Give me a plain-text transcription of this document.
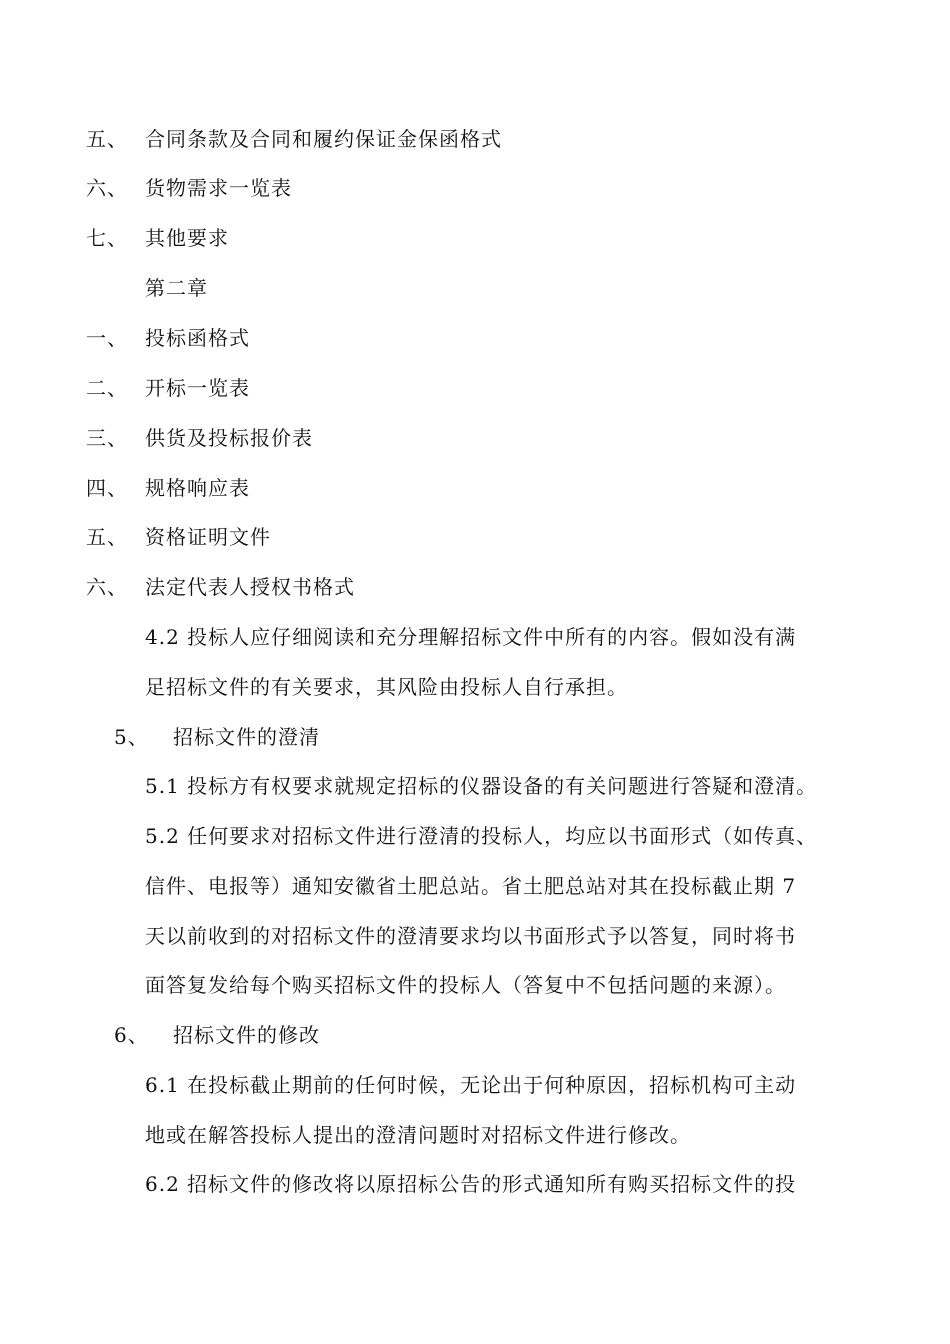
五、 合同条款及合同和履约保证金保函格式
六、 货物需求一览表
七、 其他要求
第二章
一、 投标函格式
二、 开标一览表
三、 供货及投标报价表
四、 规格响应表
五、 资格证明文件
六、 法定代表人授权书格式
4.2 投标人应仔细阅读和充分理解招标文件中所有的内容。假如没有满
足招标文件的有关要求，其风险由投标人自行承担。
5、 招标文件的澄清
5.1 投标方有权要求就规定招标的仪器设备的有关问题进行答疑和澄清。
5.2 任何要求对招标文件进行澄清的投标人，均应以书面形式（如传真、
信件、电报等）通知安徽省土肥总站。省土肥总站对其在投标截止期 7
天以前收到的对招标文件的澄清要求均以书面形式予以答复，同时将书
面答复发给每个购买招标文件的投标人（答复中不包括问题的来源）。
6、 招标文件的修改
6.1 在投标截止期前的任何时候，无论出于何种原因，招标机构可主动
地或在解答投标人提出的澄清问题时对招标文件进行修改。
6.2 招标文件的修改将以原招标公告的形式通知所有购买招标文件的投
